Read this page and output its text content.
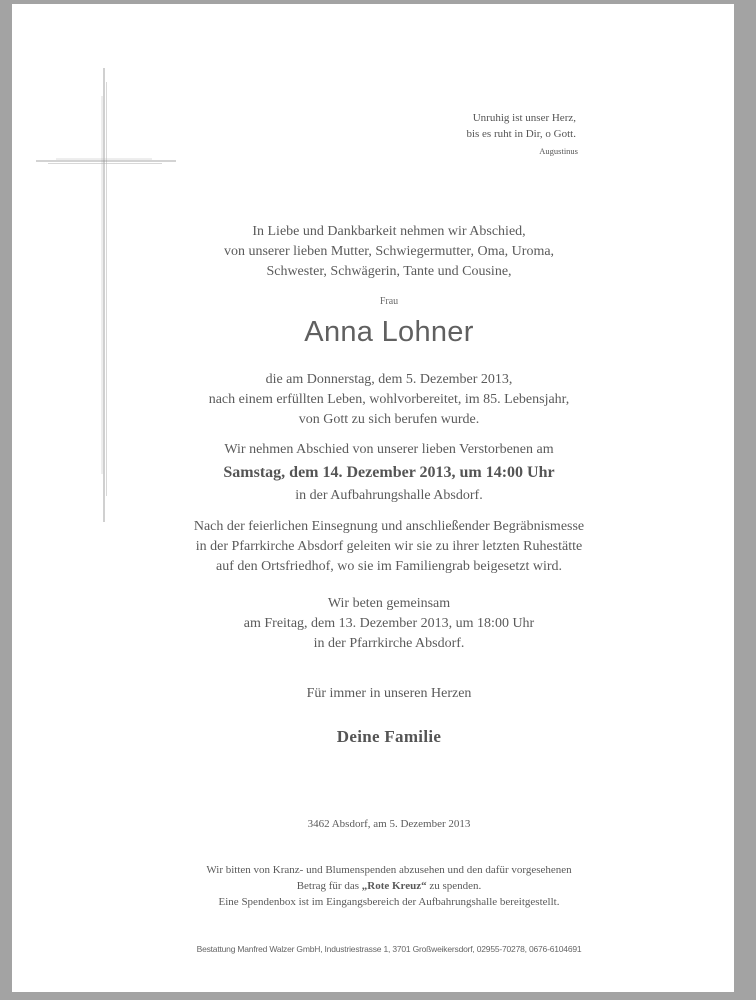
Unruhig ist unser Herz,
bis es ruht in Dir, o Gott.
Augustinus
In Liebe und Dankbarkeit nehmen wir Abschied,
von unserer lieben Mutter, Schwiegermutter, Oma, Uroma,
Schwester, Schwägerin, Tante und Cousine,
Frau
Anna Lohner
die am Donnerstag, dem 5. Dezember 2013,
nach einem erfüllten Leben, wohlvorbereitet, im 85. Lebensjahr,
von Gott zu sich berufen wurde.
Wir nehmen Abschied von unserer lieben Verstorbenen am
Samstag, dem 14. Dezember 2013, um 14:00 Uhr
in der Aufbahrungshalle Absdorf.
Nach der feierlichen Einsegnung und anschließender Begräbnismesse
in der Pfarrkirche Absdorf geleiten wir sie zu ihrer letzten Ruhestätte
auf den Ortsfriedhof, wo sie im Familiengrab beigesetzt wird.
Wir beten gemeinsam
am Freitag, dem 13. Dezember 2013, um 18:00 Uhr
in der Pfarrkirche Absdorf.
Für immer in unseren Herzen
Deine Familie
3462 Absdorf, am 5. Dezember 2013
Wir bitten von Kranz- und Blumenspenden abzusehen und den dafür vorgesehenen
Betrag für das „Rote Kreuz“ zu spenden.
Eine Spendenbox ist im Eingangsbereich der Aufbahrungshalle bereitgestellt.
Bestattung Manfred Walzer GmbH, Industriestrasse 1, 3701 Großweikersdorf, 02955-70278, 0676-6104691
